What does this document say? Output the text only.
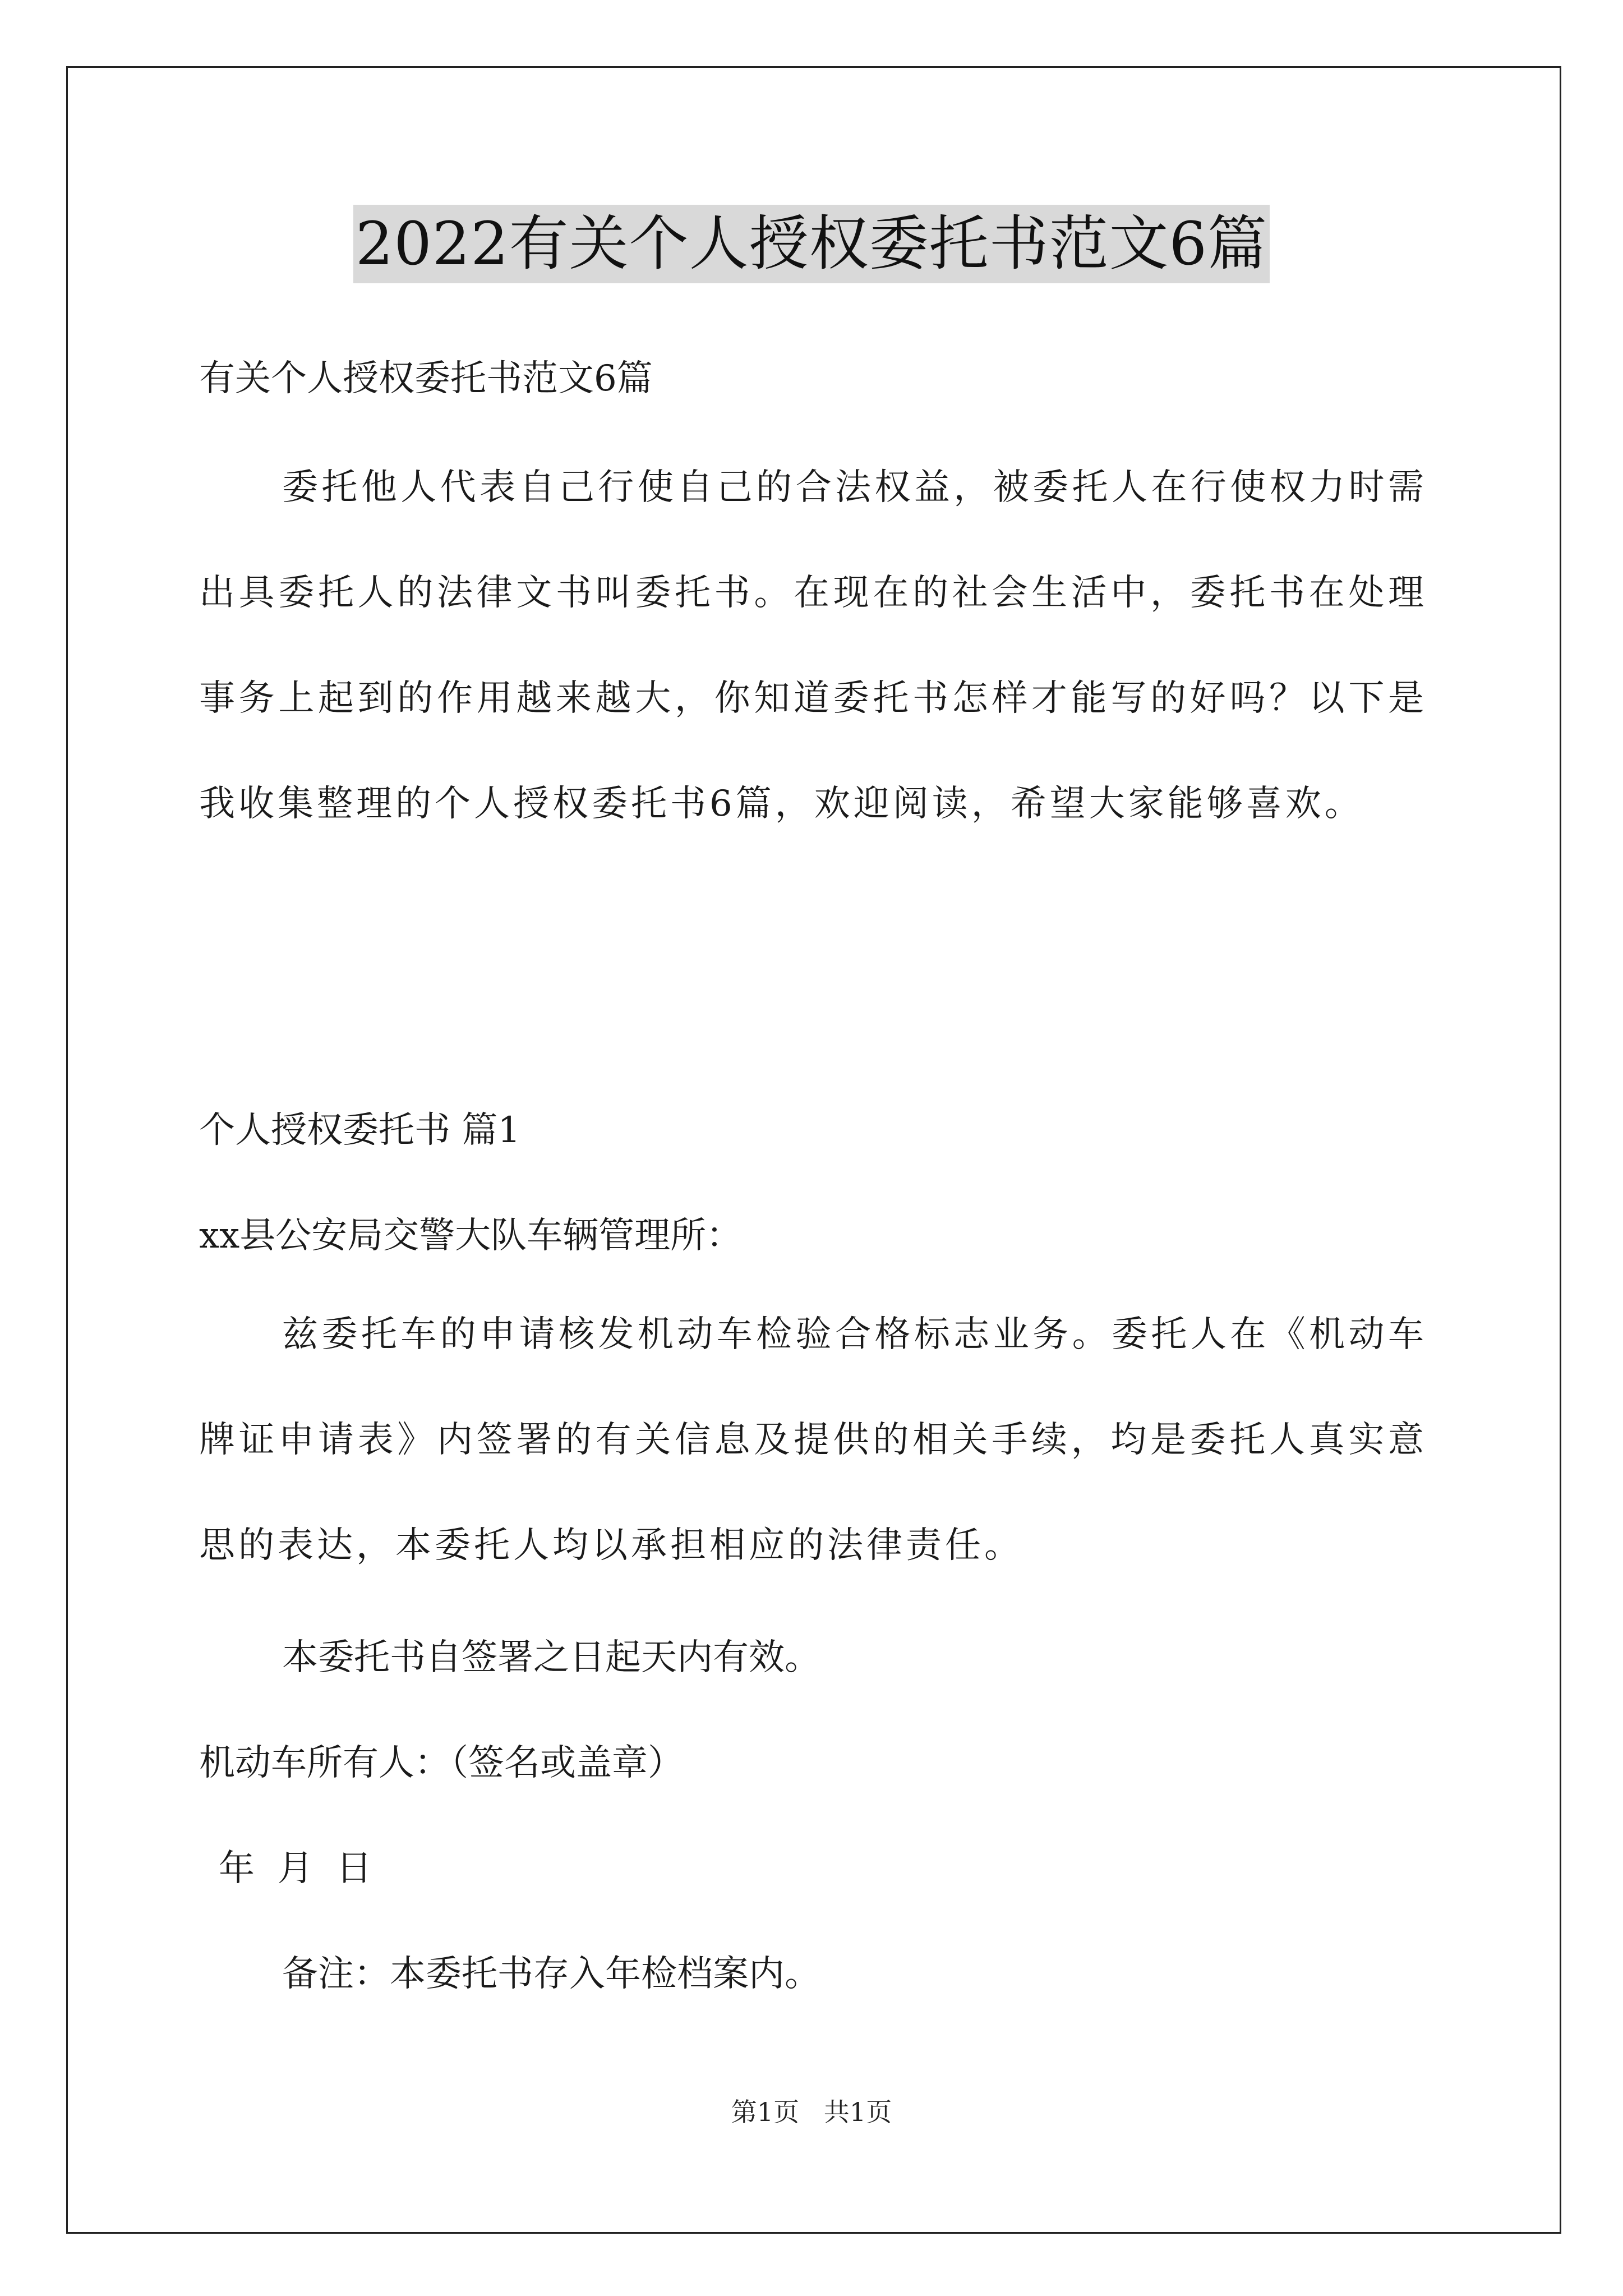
2022有关个人授权委托书范文6篇
有关个人授权委托书范文6篇
委托他人代表自己行使自己的合法权益，被委托人在行使权力时需出具委托人的法律文书叫委托书。在现在的社会生活中，委托书在处理事务上起到的作用越来越大，你知道委托书怎样才能写的好吗？以下是我收集整理的个人授权委托书6篇，欢迎阅读，希望大家能够喜欢。
个人授权委托书 篇1
xx县公安局交警大队车辆管理所：
兹委托车的申请核发机动车检验合格标志业务。委托人在《机动车牌证申请表》内签署的有关信息及提供的相关手续，均是委托人真实意思的表达，本委托人均以承担相应的法律责任。
本委托书自签署之日起天内有效。
机动车所有人：（签名或盖章）
年  月  日
备注：本委托书存入年检档案内。
第1页   共1页
